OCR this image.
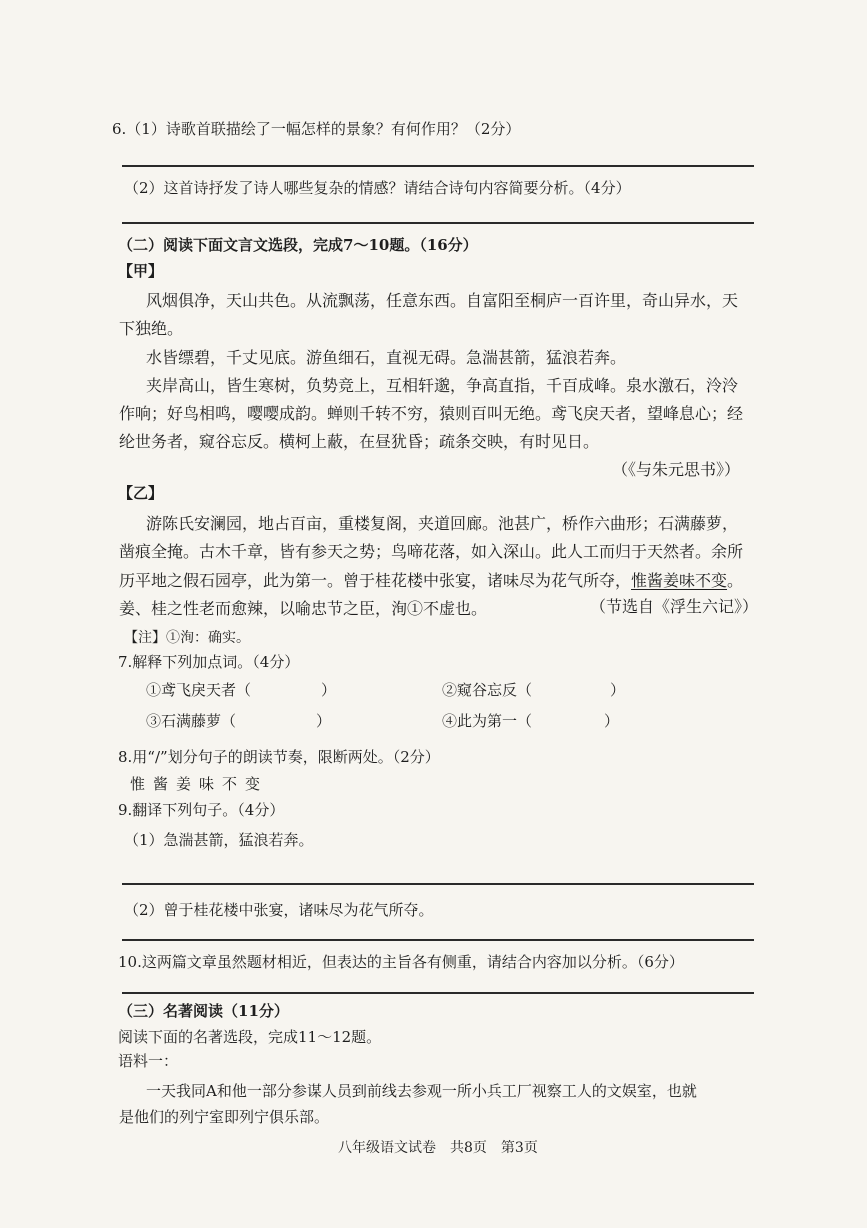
6.（1）诗歌首联描绘了一幅怎样的景象？有何作用？（2分）
（2）这首诗抒发了诗人哪些复杂的情感？请结合诗句内容简要分析。（4分）
（二）阅读下面文言文选段，完成7～10题。（16分）
【甲】
风烟俱净，天山共色。从流飘荡，任意东西。自富阳至桐庐一百许里，奇山异水，天
下独绝。
水皆缥碧，千丈见底。游鱼细石，直视无碍。急湍甚箭，猛浪若奔。
夹岸高山，皆生寒树，负势竞上，互相轩邈，争高直指，千百成峰。泉水激石，泠泠
作响；好鸟相鸣，嘤嘤成韵。蝉则千转不穷，猿则百叫无绝。鸢飞戾天者，望峰息心；经
纶世务者，窥谷忘反。横柯上蔽，在昼犹昏；疏条交映，有时见日。
（《与朱元思书》）
【乙】
游陈氏安澜园，地占百亩，重楼复阁，夹道回廊。池甚广，桥作六曲形；石满藤萝，
凿痕全掩。古木千章，皆有参天之势；鸟啼花落，如入深山。此人工而归于天然者。余所
历平地之假石园亭，此为第一。曾于桂花楼中张宴，诸味尽为花气所夺，惟酱姜味不变。
姜、桂之性老而愈辣，以喻忠节之臣，洵①不虚也。	（节选自《浮生六记》）
【注】①洵：确实。
7.解释下列加点词。（4分）
①鸢飞戾天者（	）	②窥谷忘反（	）
③石满藤萝（	）	④此为第一（	）
8.用“/”划分句子的朗读节奏，限断两处。（2分）
惟酱姜味不变
9.翻译下列句子。（4分）
（1）急湍甚箭，猛浪若奔。
（2）曾于桂花楼中张宴，诸味尽为花气所夺。
10.这两篇文章虽然题材相近，但表达的主旨各有侧重，请结合内容加以分析。（6分）
（三）名著阅读（11分）
阅读下面的名著选段，完成11～12题。
语料一：
一天我同A和他一部分参谋人员到前线去参观一所小兵工厂视察工人的文娱室，也就
是他们的列宁室即列宁俱乐部。
八年级语文试卷　共8页　第3页
